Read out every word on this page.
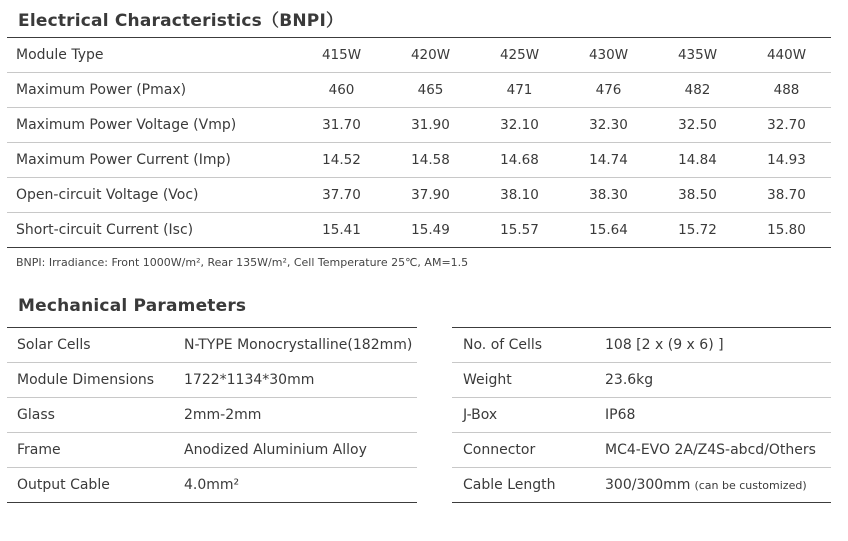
Electrical Characteristics（BNPI）
Module Type	415W	420W	425W	430W	435W	440W
Maximum Power (Pmax)	460	465	471	476	482	488
Maximum Power Voltage (Vmp)	31.70	31.90	32.10	32.30	32.50	32.70
Maximum Power Current (Imp)	14.52	14.58	14.68	14.74	14.84	14.93
Open-circuit Voltage (Voc)	37.70	37.90	38.10	38.30	38.50	38.70
Short-circuit Current (Isc)	15.41	15.49	15.57	15.64	15.72	15.80
BNPI: Irradiance: Front 1000W/m², Rear 135W/m², Cell Temperature 25℃, AM=1.5
Mechanical Parameters
Solar Cells	N-TYPE Monocrystalline(182mm)
Module Dimensions	1722*1134*30mm
Glass	2mm-2mm
Frame	Anodized Aluminium Alloy
Output Cable	4.0mm²
No. of Cells	108 [2 x (9 x 6) ]
Weight	23.6kg
J-Box	IP68
Connector	MC4-EVO 2A/Z4S-abcd/Others
Cable Length	300/300mm (can be customized)
